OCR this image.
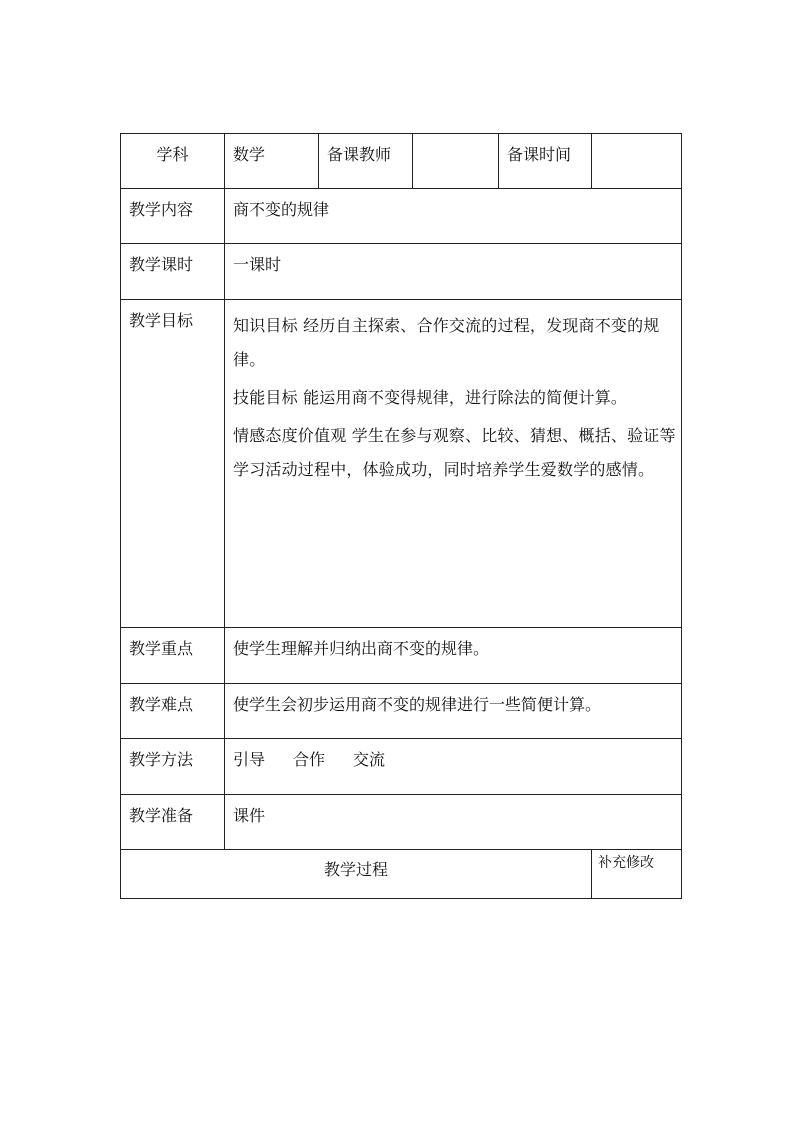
学科	数学	备课教师		备课时间	

教学内容	商不变的规律				

教学课时	一课时				

教学目标	知识目标 经历自主探索、合作交流的过程，发现商不变的规律。

技能目标 能运用商不变得规律，进行除法的简便计算。

情感态度价值观 学生在参与观察、比较、猜想、概括、验证等学习活动过程中，体验成功，同时培养学生爱数学的感情。				

教学重点	使学生理解并归纳出商不变的规律。				

教学难点	使学生会初步运用商不变的规律进行一些简便计算。				

教学方法	引导 合作 交流				

教学准备	课件				

教学过程					补充修改
